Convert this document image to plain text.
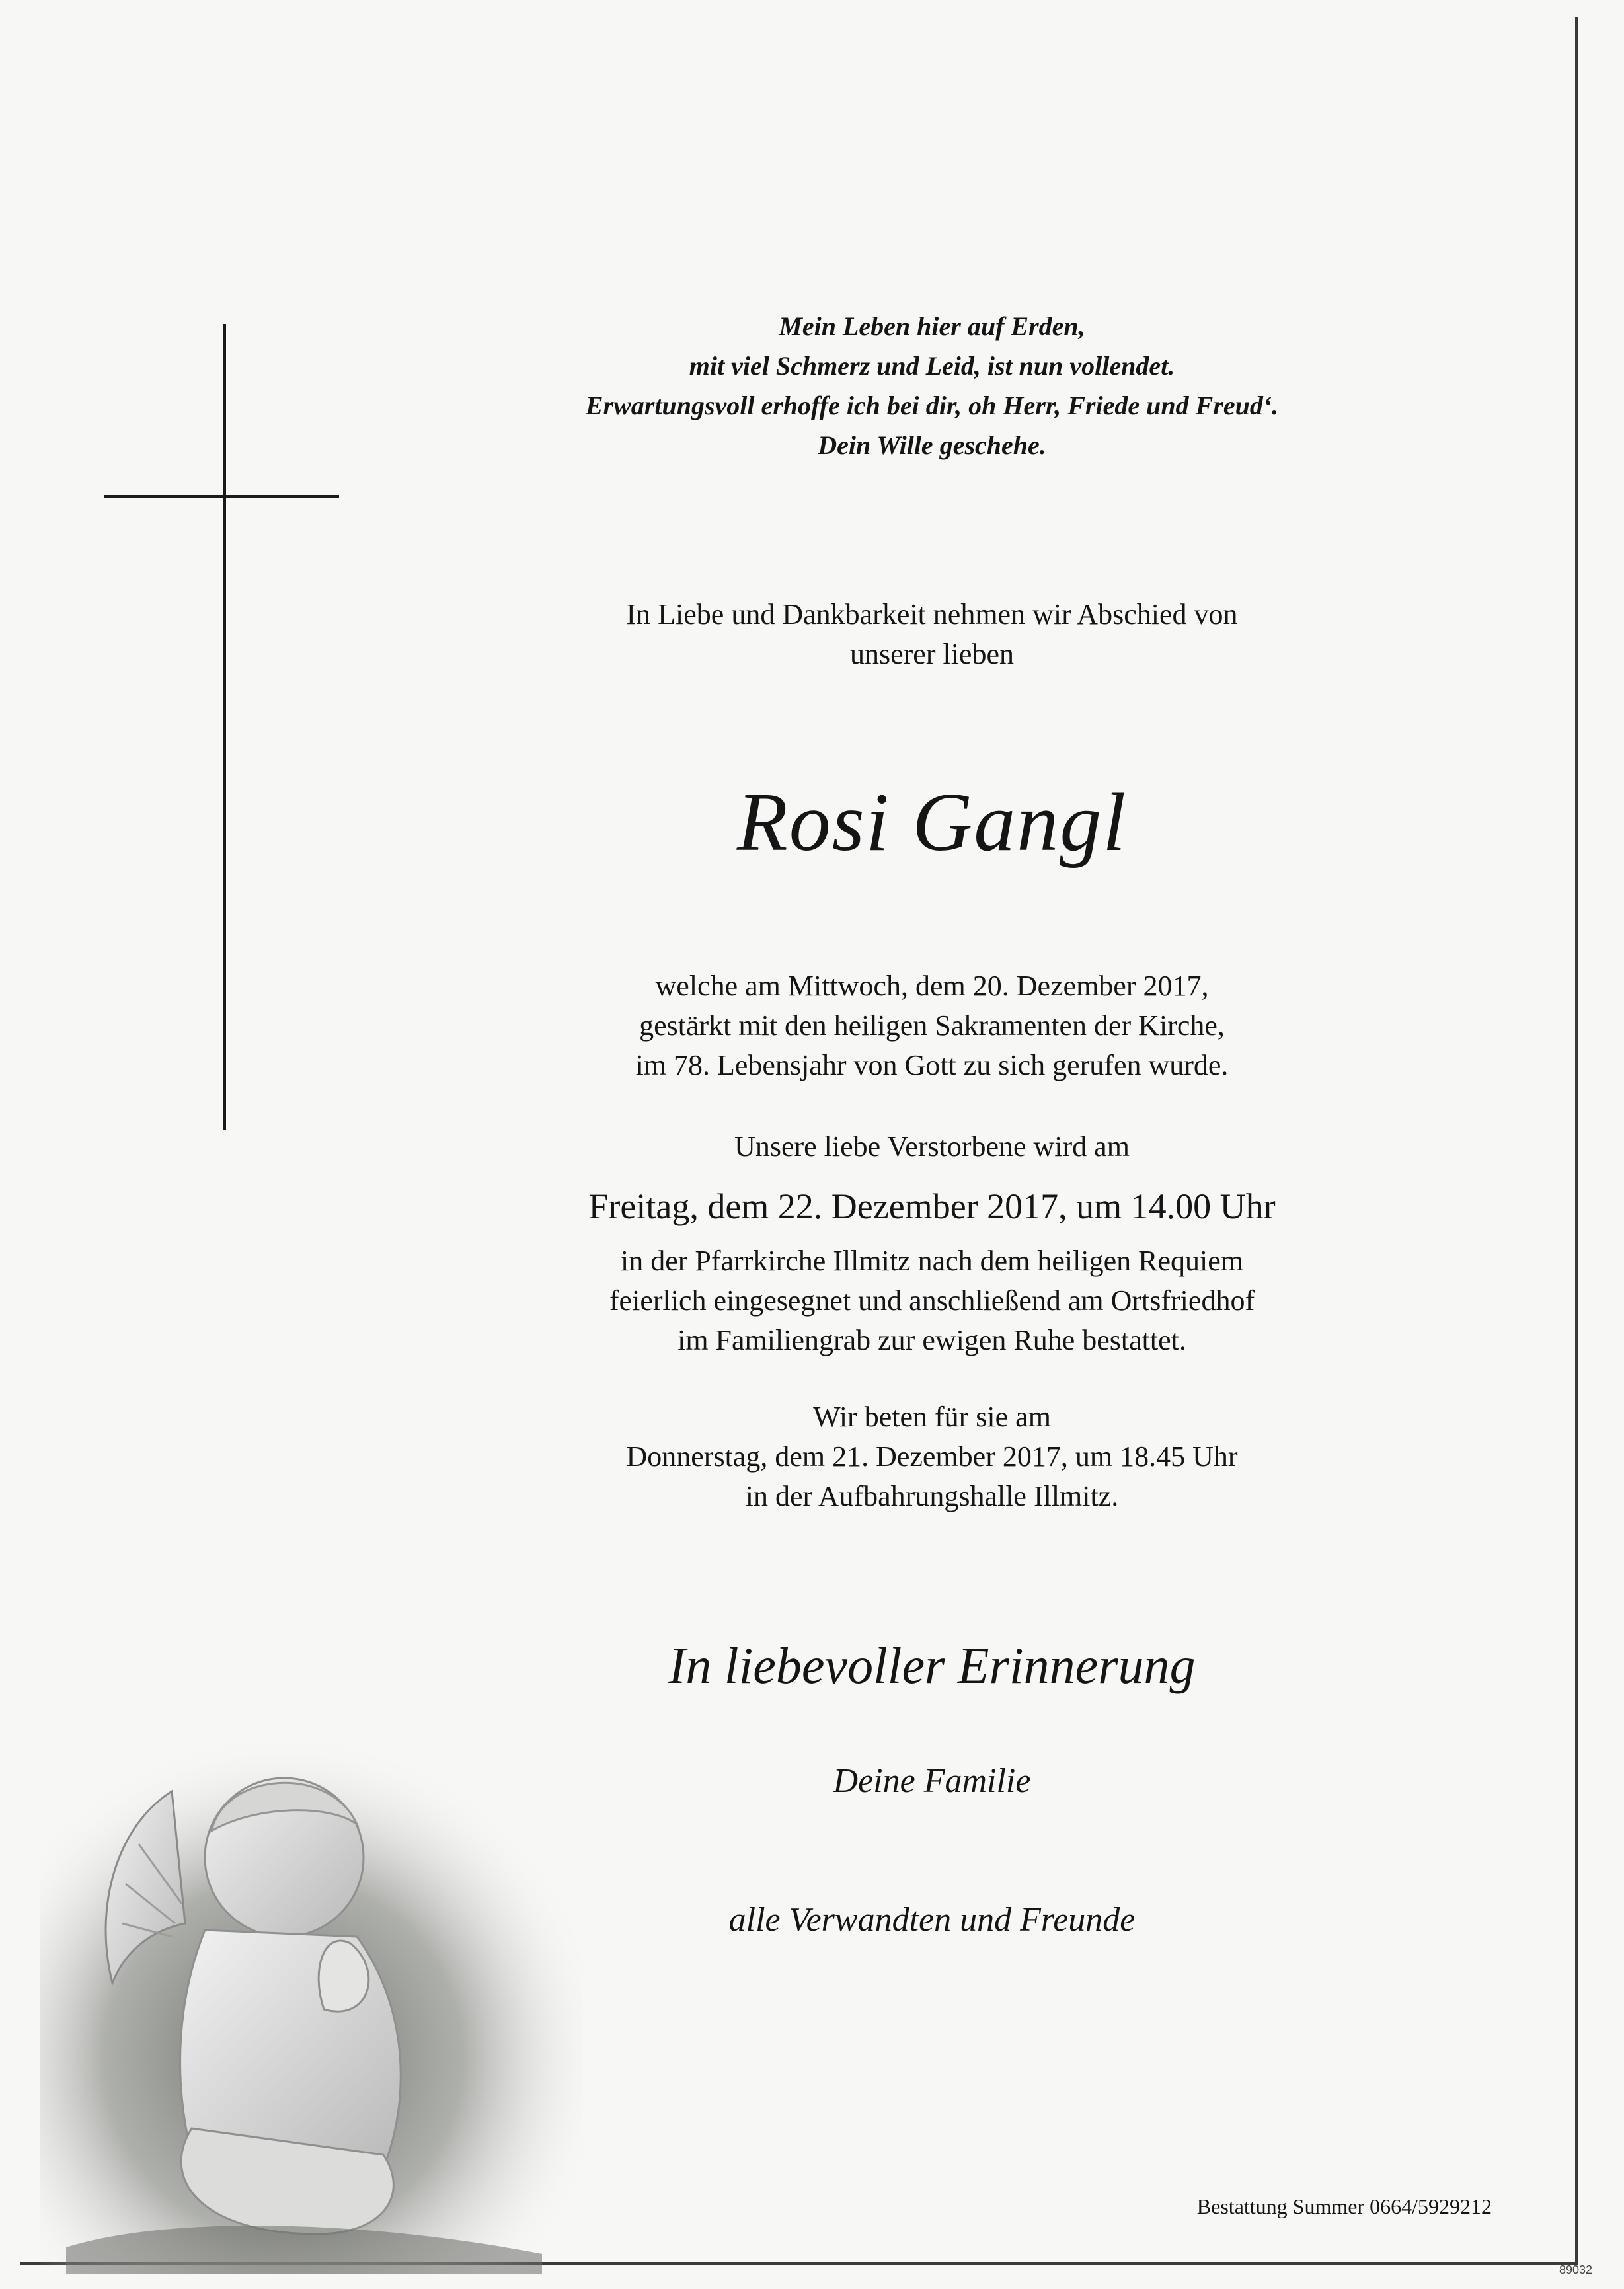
Mein Leben hier auf Erden,
mit viel Schmerz und Leid, ist nun vollendet.
Erwartungsvoll erhoffe ich bei dir, oh Herr, Friede und Freud‘.
Dein Wille geschehe.
In Liebe und Dankbarkeit nehmen wir Abschied von
unserer lieben
Rosi Gangl
welche am Mittwoch, dem 20. Dezember 2017,
gestärkt mit den heiligen Sakramenten der Kirche,
im 78. Lebensjahr von Gott zu sich gerufen wurde.
Unsere liebe Verstorbene wird am
Freitag, dem 22. Dezember 2017, um 14.00 Uhr
in der Pfarrkirche Illmitz nach dem heiligen Requiem
feierlich eingesegnet und anschließend am Ortsfriedhof
im Familiengrab zur ewigen Ruhe bestattet.
Wir beten für sie am
Donnerstag, dem 21. Dezember 2017, um 18.45 Uhr
in der Aufbahrungshalle Illmitz.
In liebevoller Erinnerung
Deine Familie
alle Verwandten und Freunde
Bestattung Summer 0664/5929212
89032
